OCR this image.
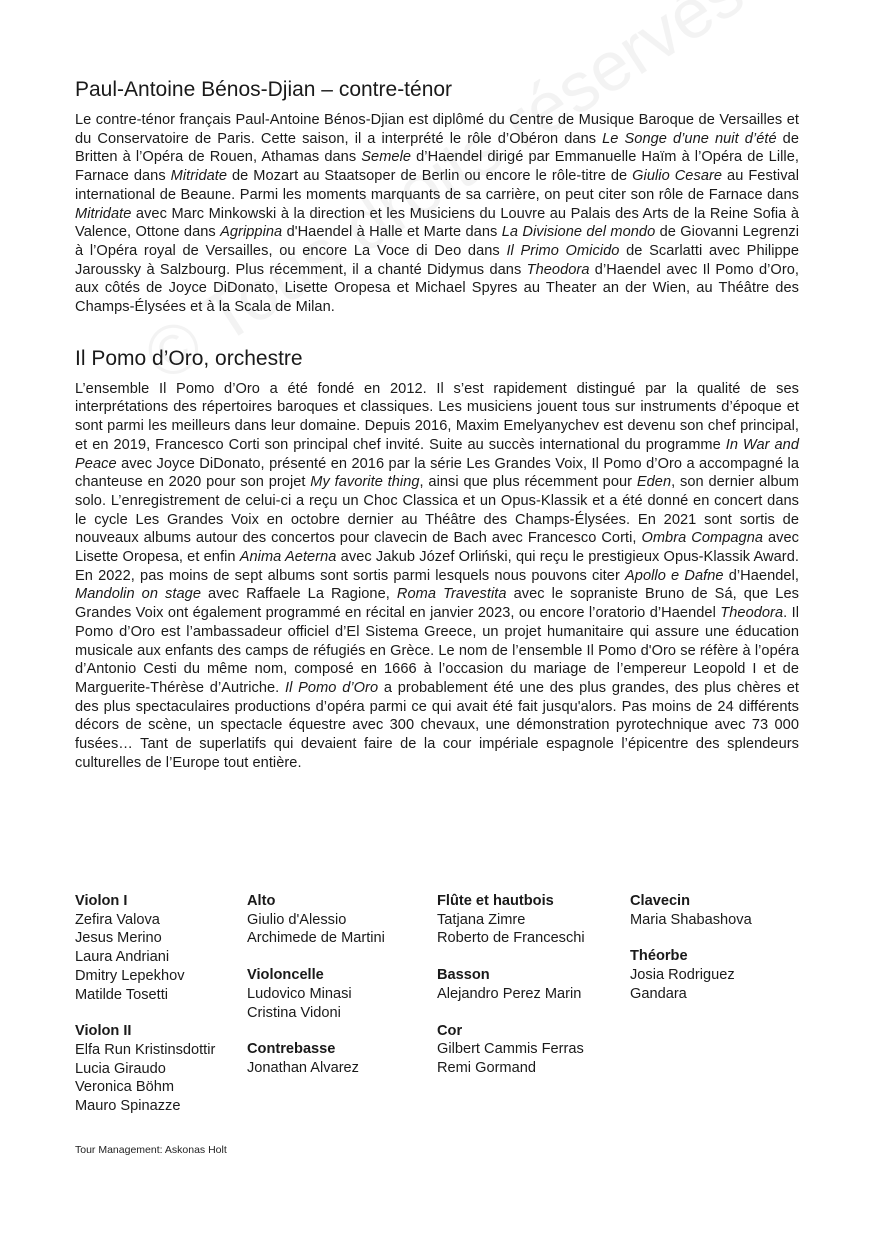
Paul-Antoine Bénos-Djian – contre-ténor

Le contre-ténor français Paul-Antoine Bénos-Djian est diplômé du Centre de Musique Baroque de Versailles et du Conservatoire de Paris. Cette saison, il a interprété le rôle d’Obéron dans Le Songe d’une nuit d’été de Britten à l’Opéra de Rouen, Athamas dans Semele d’Haendel dirigé par Emmanuelle Haïm à l’Opéra de Lille, Farnace dans Mitridate de Mozart au Staatsoper de Berlin ou encore le rôle-titre de Giulio Cesare au Festival international de Beaune. Parmi les moments marquants de sa carrière, on peut citer son rôle de Farnace dans Mitridate avec Marc Minkowski à la direction et les Musiciens du Louvre au Palais des Arts de la Reine Sofia à Valence, Ottone dans Agrippina d'Haendel à Halle et Marte dans La Divisione del mondo de Giovanni Legrenzi à l’Opéra royal de Versailles, ou encore La Voce di Deo dans Il Primo Omicido de Scarlatti avec Philippe Jaroussky à Salzbourg. Plus récemment, il a chanté Didymus dans Theodora d’Haendel avec Il Pomo d’Oro, aux côtés de Joyce DiDonato, Lisette Oropesa et Michael Spyres au Theater an der Wien, au Théâtre des Champs-Élysées et à la Scala de Milan.

Il Pomo d’Oro, orchestre

L’ensemble Il Pomo d’Oro a été fondé en 2012. Il s’est rapidement distingué par la qualité de ses interprétations des répertoires baroques et classiques. Les musiciens jouent tous sur instruments d’époque et sont parmi les meilleurs dans leur domaine. Depuis 2016, Maxim Emelyanychev est devenu son chef principal, et en 2019, Francesco Corti son principal chef invité. Suite au succès international du programme In War and Peace avec Joyce DiDonato, présenté en 2016 par la série Les Grandes Voix, Il Pomo d’Oro a accompagné la chanteuse en 2020 pour son projet My favorite thing, ainsi que plus récemment pour Eden, son dernier album solo. L’enregistrement de celui-ci a reçu un Choc Classica et un Opus-Klassik et a été donné en concert dans le cycle Les Grandes Voix en octobre dernier au Théâtre des Champs-Élysées. En 2021 sont sortis de nouveaux albums autour des concertos pour clavecin de Bach avec Francesco Corti, Ombra Compagna avec Lisette Oropesa, et enfin Anima Aeterna avec Jakub Józef Orliński, qui reçu le prestigieux Opus-Klassik Award. En 2022, pas moins de sept albums sont sortis parmi lesquels nous pouvons citer Apollo e Dafne d’Haendel, Mandolin on stage avec Raffaele La Ragione, Roma Travestita avec le sopraniste Bruno de Sá, que Les Grandes Voix ont également programmé en récital en janvier 2023, ou encore l’oratorio d’Haendel Theodora. Il Pomo d’Oro est l’ambassadeur officiel d’El Sistema Greece, un projet humanitaire qui assure une éducation musicale aux enfants des camps de réfugiés en Grèce. Le nom de l’ensemble Il Pomo d'Oro se réfère à l’opéra d’Antonio Cesti du même nom, composé en 1666 à l’occasion du mariage de l’empereur Leopold I et de Marguerite-Thérèse d’Autriche. Il Pomo d’Oro a probablement été une des plus grandes, des plus chères et des plus spectaculaires productions d’opéra parmi ce qui avait été fait jusqu'alors. Pas moins de 24 différents décors de scène, un spectacle équestre avec 300 chevaux, une démonstration pyrotechnique avec 73 000 fusées… Tant de superlatifs qui devaient faire de la cour impériale espagnole l’épicentre des splendeurs culturelles de l’Europe tout entière.

Violon I
Zefira Valova
Jesus Merino
Laura Andriani
Dmitry Lepekhov
Matilde Tosetti
Violon II
Elfa Run Kristinsdottir
Lucia Giraudo
Veronica Böhm
Mauro Spinazze
Alto
Giulio d'Alessio
Archimede de Martini
Violoncelle
Ludovico Minasi
Cristina Vidoni
Contrebasse
Jonathan Alvarez
Flûte et hautbois
Tatjana Zimre
Roberto de Franceschi
Basson
Alejandro Perez Marin
Cor
Gilbert Cammis Ferras
Remi Gormand
Clavecin
Maria Shabashova
Théorbe
Josia Rodriguez
Gandara
Tour Management: Askonas Holt
